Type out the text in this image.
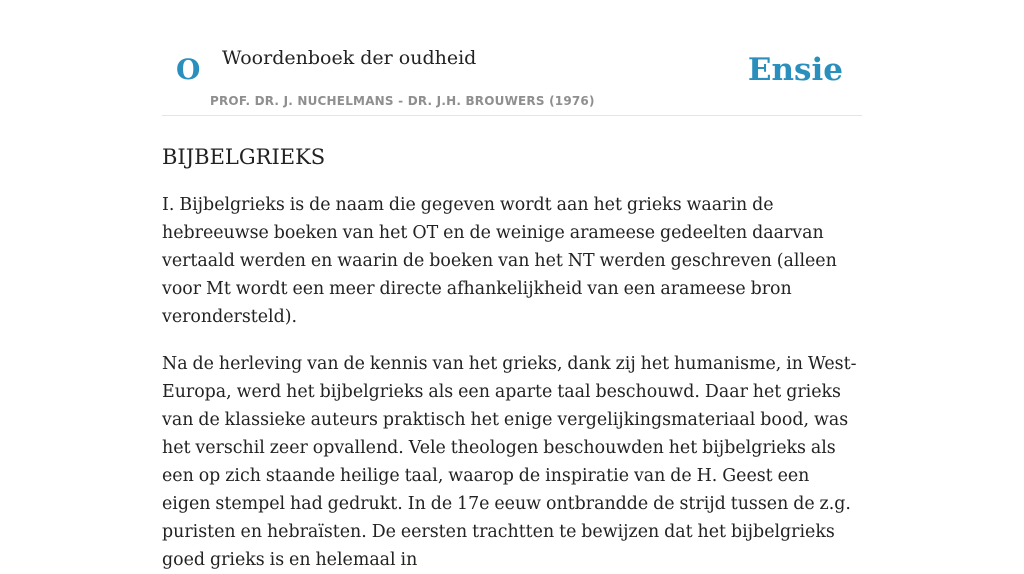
O Woordenboek der oudheid
PROF. DR. J. NUCHELMANS - DR. J.H. BROUWERS (1976)
Ensie
BIJBELGRIEKS

I. Bijbelgrieks is de naam die gegeven wordt aan het grieks waarin de hebreeuwse boeken van het OT en de weinige arameese gedeelten daarvan vertaald werden en waarin de boeken van het NT werden geschreven (alleen voor Mt wordt een meer directe afhankelijkheid van een arameese bron verondersteld).

Na de herleving van de kennis van het grieks, dank zij het humanisme, in West-Europa, werd het bijbelgrieks als een aparte taal beschouwd. Daar het grieks van de klassieke auteurs praktisch het enige vergelijkingsmateriaal bood, was het verschil zeer opvallend. Vele theologen beschouwden het bijbelgrieks als een op zich staande heilige taal, waarop de inspiratie van de H. Geest een eigen stempel had gedrukt. In de 17e eeuw ontbrandde de strijd tussen de z.g. puristen en hebraïsten. De eersten trachtten te bewijzen dat het bijbelgrieks goed grieks is en helemaal in
